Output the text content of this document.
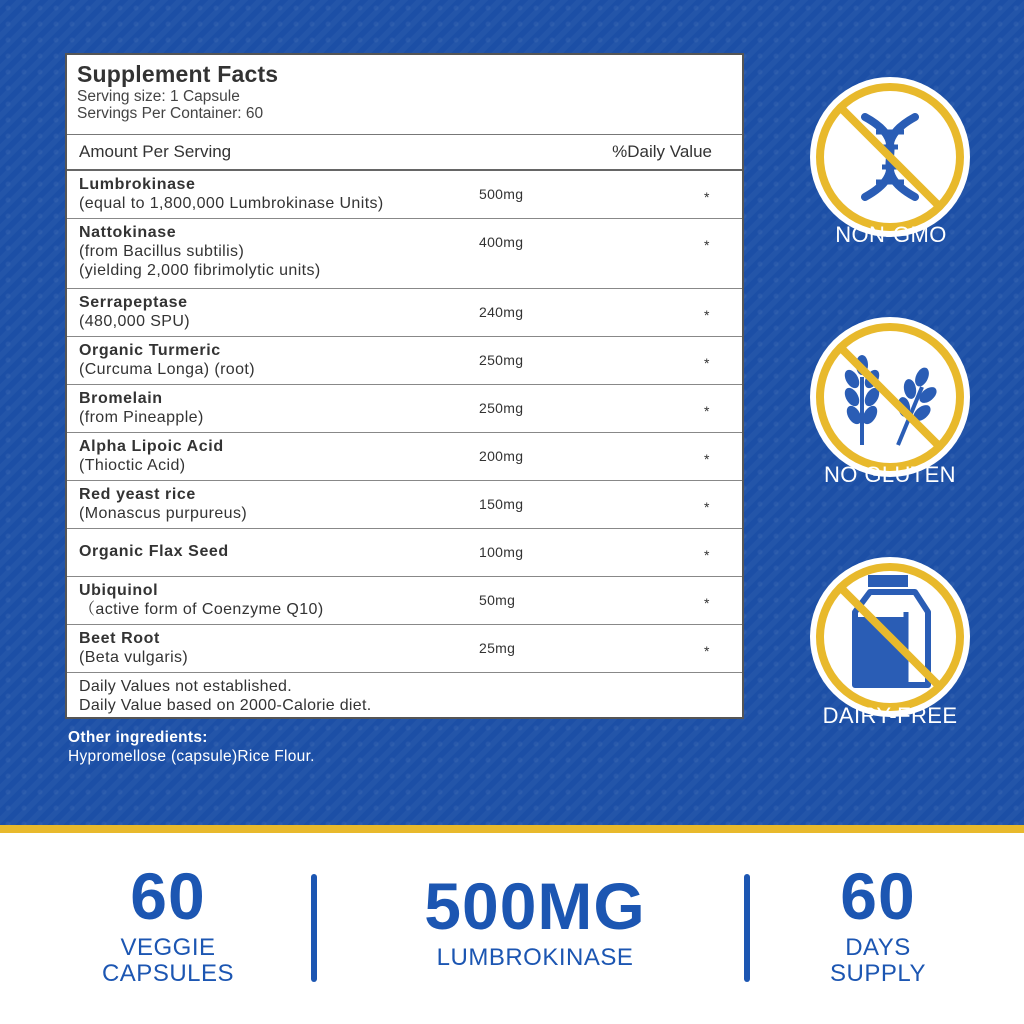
Supplement Facts
Serving size: 1 Capsule
Servings Per Container: 60
Amount Per Serving	%Daily Value
Lumbrokinase
(equal to 1,800,000 Lumbrokinase Units)
500mg	*
Nattokinase
(from Bacillus subtilis)
(yielding 2,000 fibrimolytic units)
400mg	*
Serrapeptase
(480,000 SPU)
240mg	*
Organic Turmeric
(Curcuma Longa) (root)
250mg	*
Bromelain
(from Pineapple)
250mg	*
Alpha Lipoic Acid
(Thioctic Acid)
200mg	*
Red yeast rice
(Monascus purpureus)
150mg	*
Organic Flax Seed	100mg	*
Ubiquinol
（active form of Coenzyme Q10)
50mg	*
Beet Root
(Beta vulgaris)
25mg	*
Daily Values not established.
Daily Value based on 2000-Calorie diet.
Other ingredients:
Hypromellose (capsule)Rice Flour.
NON-GMO
NO GLUTEN
DAIRY-FREE
60
VEGGIE
CAPSULES
500MG
LUMBROKINASE
60
DAYS
SUPPLY
